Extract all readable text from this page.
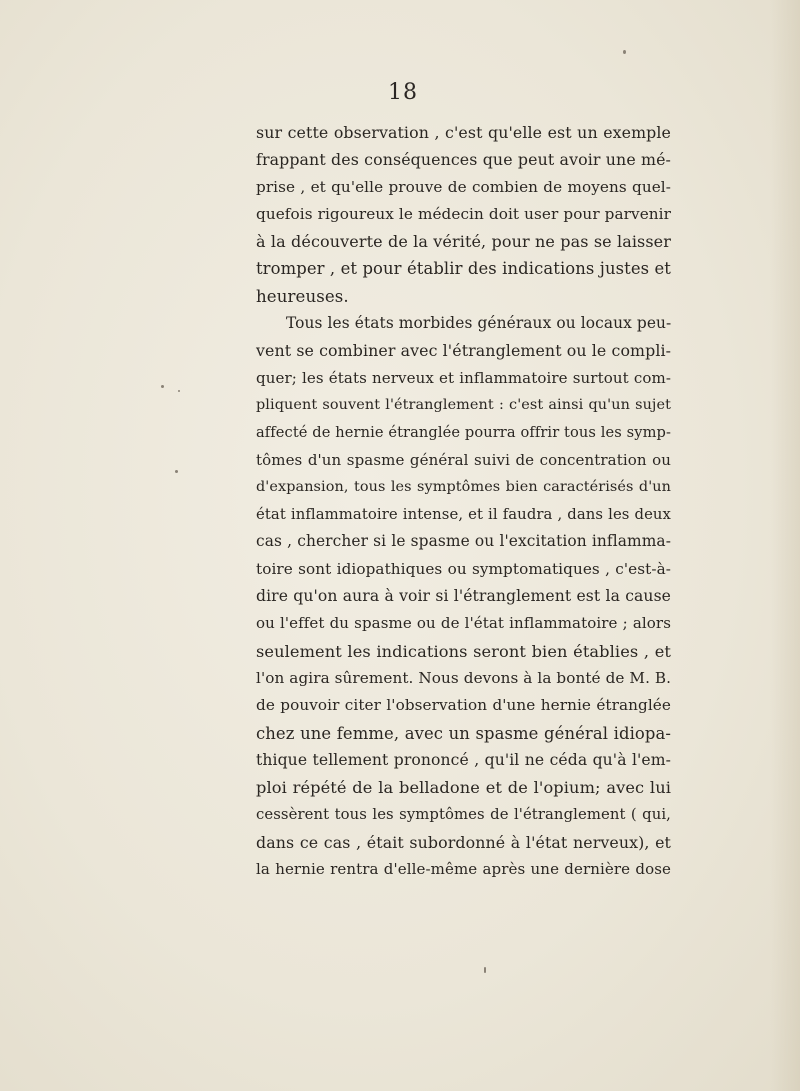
18
sur cette observation , c'est qu'elle est un exemple
frappant des conséquences que peut avoir une mé-
prise , et qu'elle prouve de combien de moyens quel-
quefois rigoureux le médecin doit user pour parvenir
à la découverte de la vérité, pour ne pas se laisser
tromper , et pour établir des indications justes et
heureuses.
Tous les états morbides généraux ou locaux peu-
vent se combiner avec l'étranglement ou le compli-
quer; les états nerveux et inflammatoire surtout com-
pliquent souvent l'étranglement : c'est ainsi qu'un sujet
affecté de hernie étranglée pourra offrir tous les symp-
tômes d'un spasme général suivi de concentration ou
d'expansion, tous les symptômes bien caractérisés d'un
état inflammatoire intense, et il faudra , dans les deux
cas , chercher si le spasme ou l'excitation inflamma-
toire sont idiopathiques ou symptomatiques , c'est-à-
dire qu'on aura à voir si l'étranglement est la cause
ou l'effet du spasme ou de l'état inflammatoire ; alors
seulement les indications seront bien établies , et
l'on agira sûrement. Nous devons à la bonté de M. B.
de pouvoir citer l'observation d'une hernie étranglée
chez une femme, avec un spasme général idiopa-
thique tellement prononcé , qu'il ne céda qu'à l'em-
ploi répété de la belladone et de l'opium; avec lui
cessèrent tous les symptômes de l'étranglement ( qui,
dans ce cas , était subordonné à l'état nerveux), et
la hernie rentra d'elle-même après une dernière dose
